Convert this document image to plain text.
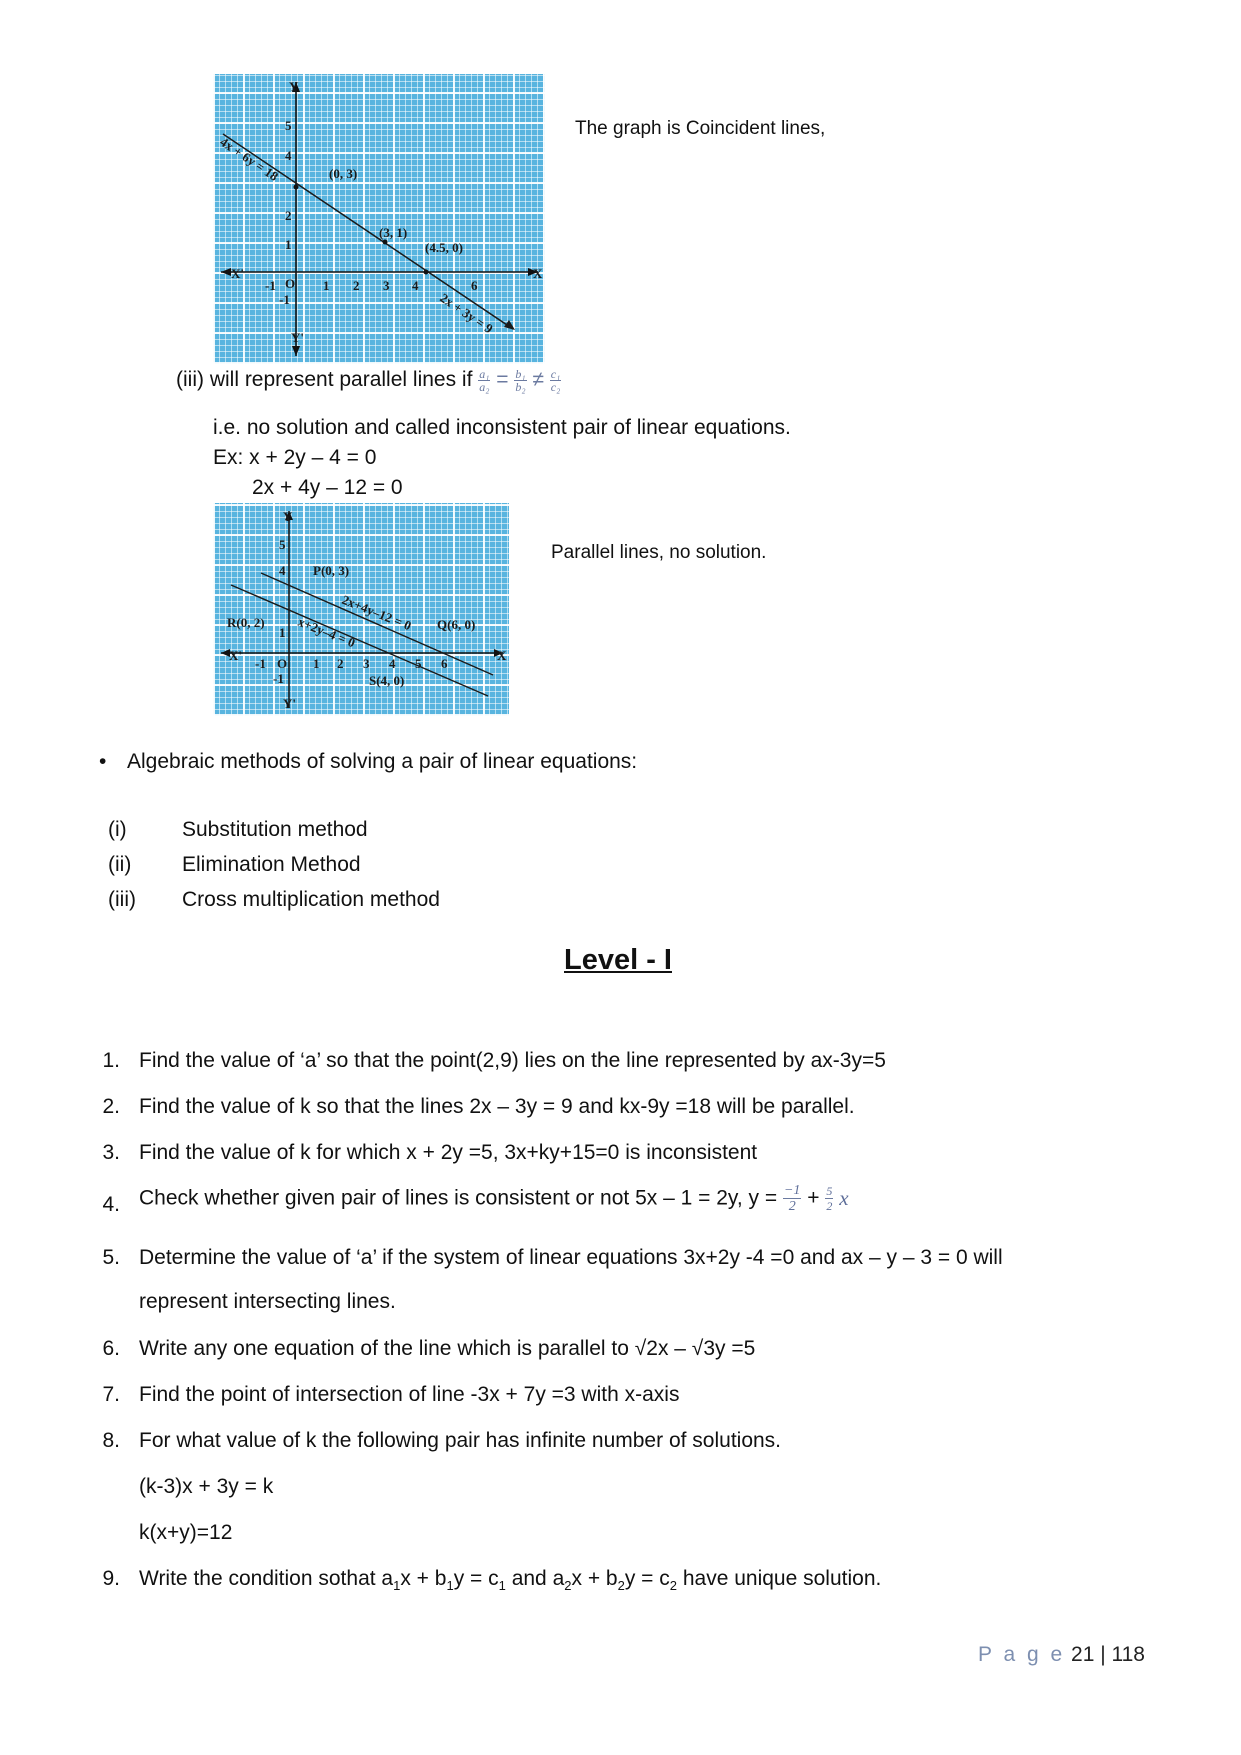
Y
Y'
X
X'
O
-1	1 2 3 4	6
5
4
2
1
-1
(0, 3)
(3, 1)
(4.5, 0)
4x + 6y = 18
2x + 3y = 9
The graph is Coincident lines,
(iii) will represent parallel lines if $\frac{\text{a₁}}{\text{a₂}} = \frac{\text{b₁}}{\text{b₂}} \ne \frac{\text{c₁}}{\text{c₂}}$
i.e. no solution and called inconsistent pair of linear equations.
Ex: x + 2y – 4 = 0
2x + 4y – 12 = 0
Y
Y'
X
X'
O
-1	1 2 3 4 5 6
5
4
1
-1
P(0, 3)
R(0, 2)	Q(6, 0)
S(4, 0)
2x+4y–12 = 0
x+2y–4 = 0
Parallel lines, no solution.
• Algebraic methods of solving a pair of linear equations:
(i)	Substitution method
(ii) Elimination Method
(iii) Cross multiplication method
Level - I
1. Find the value of ‘a’ so that the point(2,9) lies on the line represented by ax-3y=5
2. Find the value of k so that the lines 2x – 3y = 9 and kx-9y =18 will be parallel.
3. Find the value of k for which x + 2y =5, 3x+ky+15=0 is inconsistent
4. Check whether given pair of lines is consistent or not 5x – 1 = 2y, $y = \frac{-1}{2} + \frac{5}{2}$ x
5. Determine the value of ‘a’ if the system of linear equations 3x+2y -4 =0 and ax – y – 3 = 0 will
represent intersecting lines.
6. Write any one equation of the line which is parallel to √2x – √3y =5
7. Find the point of intersection of line -3x + 7y =3 with x-axis
8. For what value of k the following pair has infinite number of solutions.
(k-3)x + 3y = k
k(x+y)=12
9. Write the condition sothat $a_1x + b_1y = c_1$ and $a_2x + b_2y = c_2$ have unique solution.
P a g e 21 | 118
